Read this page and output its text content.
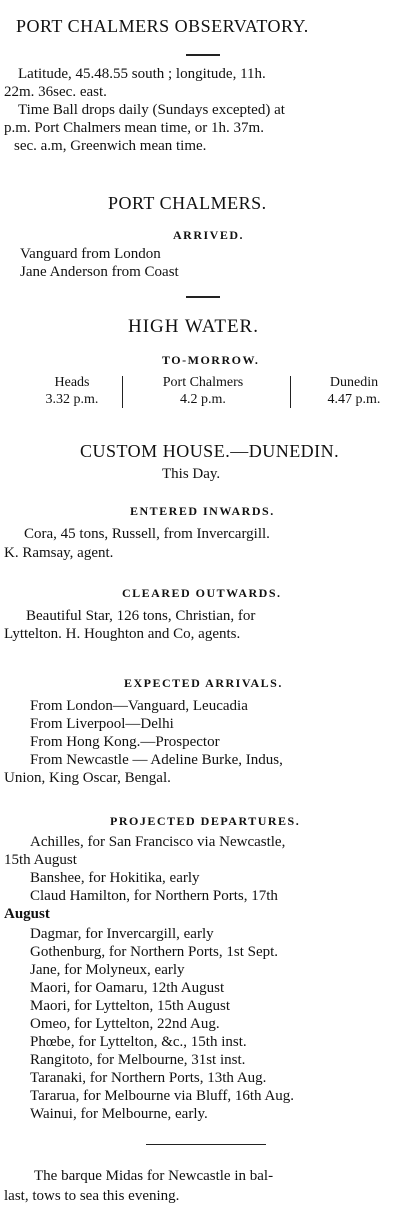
PORT CHALMERS OBSERVATORY.
Latitude, 45.48.55 south ; longitude, 11h.
22m. 36sec. east.
Time Ball drops daily (Sundays excepted) at
p.m. Port Chalmers mean time, or 1h. 37m.
sec. a.m, Greenwich mean time.
PORT CHALMERS.
ARRIVED.
Vanguard from London
Jane Anderson from Coast
HIGH WATER.
TO-MORROW.
Heads
3.32 p.m.
Port Chalmers
4.2 p.m.
Dunedin
4.47 p.m.
CUSTOM HOUSE.—DUNEDIN.
This Day.
ENTERED INWARDS.
Cora, 45 tons, Russell, from Invercargill.
K. Ramsay, agent.
CLEARED OUTWARDS.
Beautiful Star, 126 tons, Christian, for
Lyttelton. H. Houghton and Co, agents.
EXPECTED ARRIVALS.
From London—Vanguard, Leucadia
From Liverpool—Delhi
From Hong Kong.—Prospector
From Newcastle — Adeline Burke, Indus,
Union, King Oscar, Bengal.
PROJECTED DEPARTURES.
Achilles, for San Francisco via Newcastle,
15th August
Banshee, for Hokitika, early
Claud Hamilton, for Northern Ports, 17th
August
Dagmar, for Invercargill, early
Gothenburg, for Northern Ports, 1st Sept.
Jane, for Molyneux, early
Maori, for Oamaru, 12th August
Maori, for Lyttelton, 15th August
Omeo, for Lyttelton, 22nd Aug.
Phœbe, for Lyttelton, &c., 15th inst.
Rangitoto, for Melbourne, 31st inst.
Taranaki, for Northern Ports, 13th Aug.
Tararua, for Melbourne via Bluff, 16th Aug.
Wainui, for Melbourne, early.
The barque Midas for Newcastle in bal-
last, tows to sea this evening.
